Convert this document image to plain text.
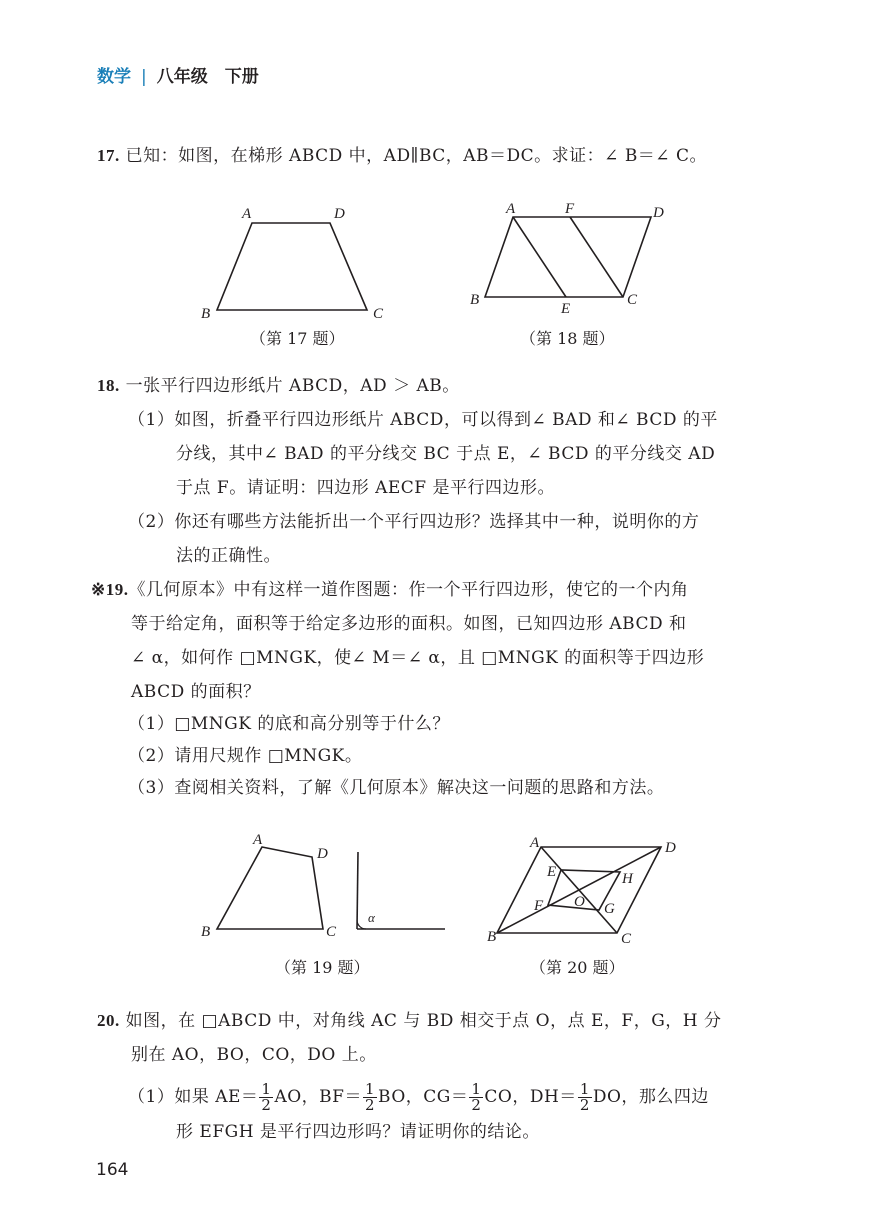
数学 | 八年级　下册
17. 已知：如图，在梯形 ABCD 中，AD∥BC，AB＝DC。求证：∠ B＝∠ C。
A	D
B	C
（第 17 题）
A	F	D
B
E
C
（第 18 题）
18. 一张平行四边形纸片 ABCD，AD ＞ AB。
（1）如图，折叠平行四边形纸片 ABCD，可以得到∠ BAD 和∠ BCD 的平
分线，其中∠ BAD 的平分线交 BC 于点 E，∠ BCD 的平分线交 AD
于点 F。请证明：四边形 AECF 是平行四边形。
（2）你还有哪些方法能折出一个平行四边形？选择其中一种，说明你的方
法的正确性。
※19.《几何原本》中有这样一道作图题：作一个平行四边形，使它的一个内角
等于给定角，面积等于给定多边形的面积。如图，已知四边形 ABCD 和
∠ α，如何作 □MNGK，使∠ M＝∠ α，且 □MNGK 的面积等于四边形
ABCD 的面积？
（1）□MNGK 的底和高分别等于什么？
（2）请用尺规作 □MNGK。
（3）查阅相关资料，了解《几何原本》解决这一问题的思路和方法。
A
D
B	C
α
（第 19 题）
A	D
B	C
E	H
F O G
（第 20 题）
20. 如图，在 □ABCD 中，对角线 AC 与 BD 相交于点 O，点 E，F，G，H 分
别在 AO，BO，CO，DO 上。
（1）如果 $AE= \frac{1}{2}$ AO，$BF= \frac{1}{2}$ BO，$CG= \frac{1}{2}$ CO，$DH= \frac{1}{2}$ DO，那么四边
形 EFGH 是平行四边形吗？请证明你的结论。
164
